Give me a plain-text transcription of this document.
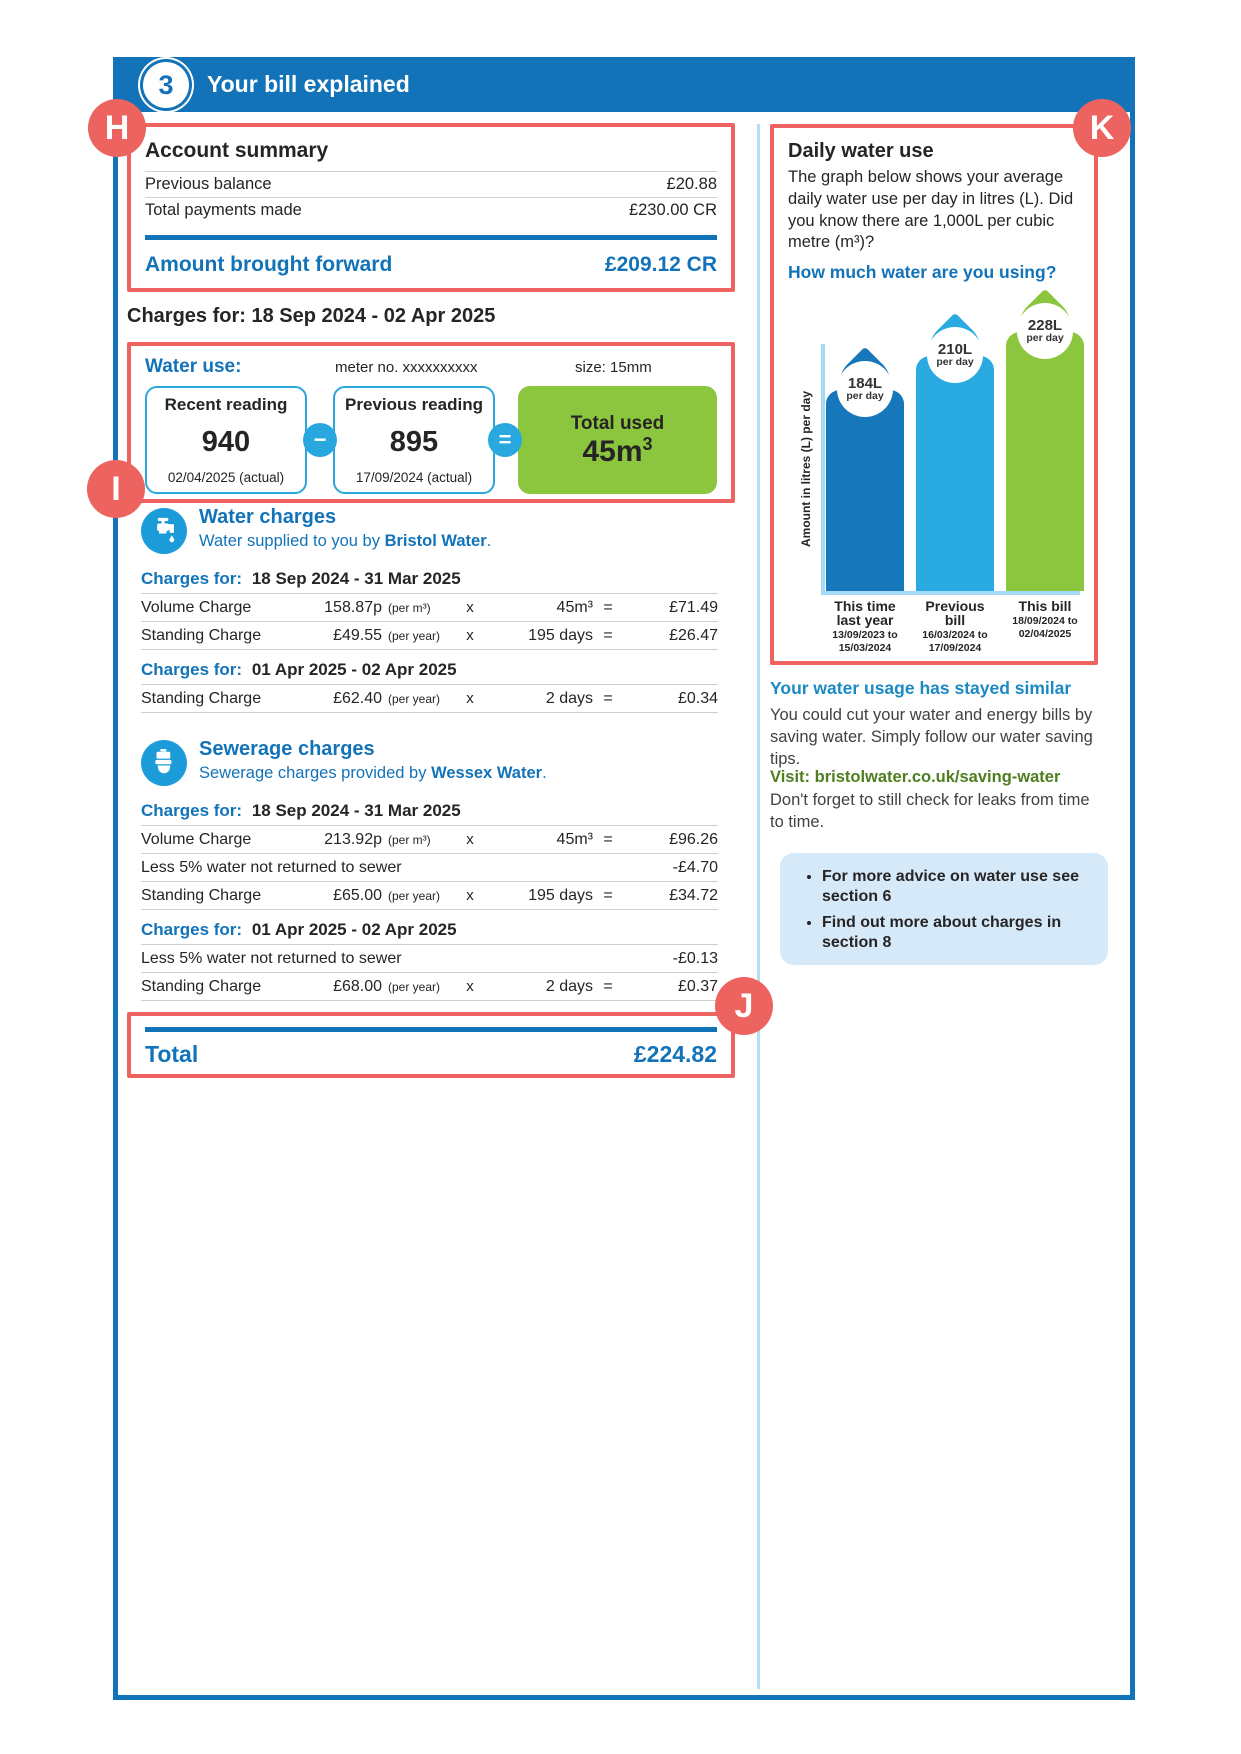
3	Your bill explained
H
I
J
K
Account summary
Previous balance	£20.88
Total payments made	£230.00 CR
Amount brought forward	£209.12 CR
Charges for: 18 Sep 2024 - 02 Apr 2025
Water use:	meter no. xxxxxxxxxx	size: 15mm
Recent reading
940
02/04/2025 (actual)
Previous reading
895
17/09/2024 (actual)
Total used
$45m^3$
−	=
Water charges
Water supplied to you by Bristol Water.
Charges for: 18 Sep 2024 - 31 Mar 2025
Volume Charge	158.87p (per m³)	x	45m³ =	£71.49
Standing Charge	£49.55 (per year)	x	195 days =	£26.47
Charges for: 01 Apr 2025 - 02 Apr 2025
Standing Charge	£62.40 (per year)	x	2 days =	£0.34
Sewerage charges
Sewerage charges provided by Wessex Water.
Charges for: 18 Sep 2024 - 31 Mar 2025
Volume Charge	213.92p (per m³)	x	45m³ =	£96.26
Less 5% water not returned to sewer	-£4.70
Standing Charge	£65.00 (per year)	x	195 days =	£34.72
Charges for: 01 Apr 2025 - 02 Apr 2025
Less 5% water not returned to sewer	-£0.13
Standing Charge	£68.00 (per year)	x	2 days =	£0.37
Total	£224.82
Daily water use
The graph below shows your average daily water use per day in litres (L). Did you know there are 1,000L per cubic metre (m³)?
How much water are you using?
Amount in litres (L) per day
184L
per day
210L
per day
228L
per day
This time last year
13/09/2023 to 15/03/2024
Previous bill
16/03/2024 to 17/09/2024
This bill
18/09/2024 to 02/04/2025
Your water usage has stayed similar
You could cut your water and energy bills by saving water. Simply follow our water saving tips.
Visit: bristolwater.co.uk/saving-water
Don't forget to still check for leaks from time to time.
• For more advice on water use see section 6
• Find out more about charges in section 8
